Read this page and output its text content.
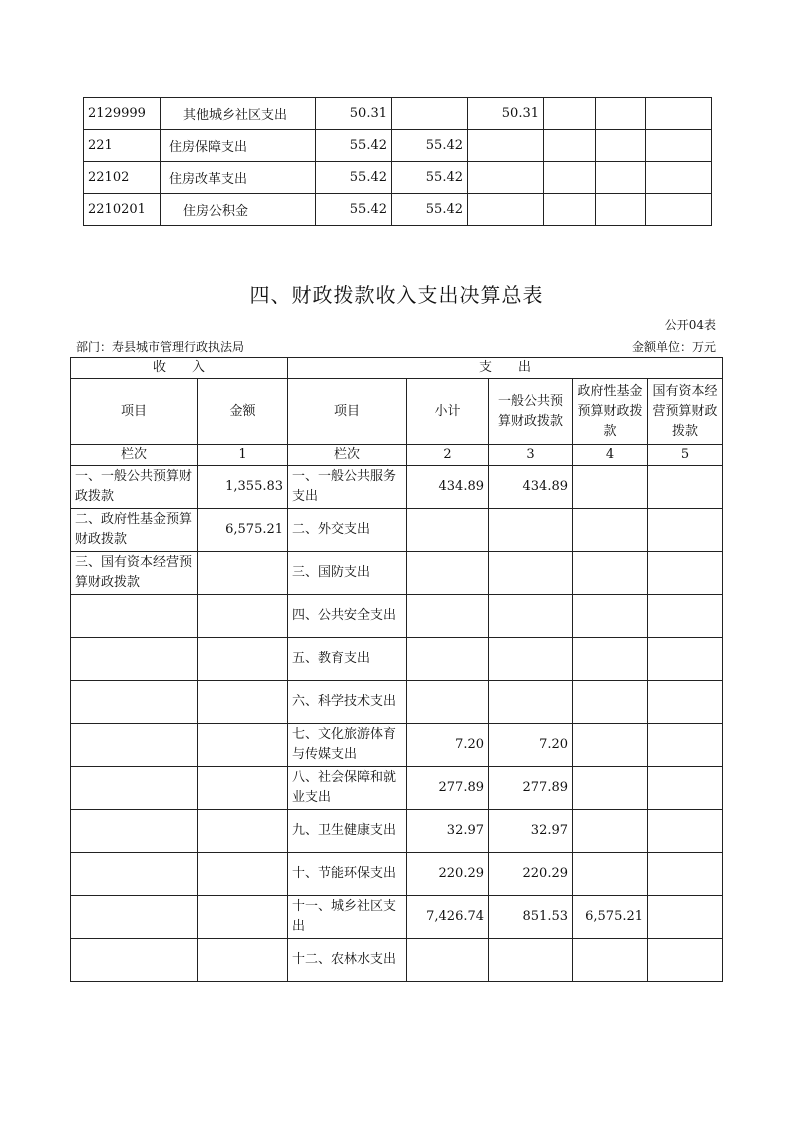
2129999	其他城乡社区支出	50.31		50.31			
221	住房保障支出	55.42	55.42				
22102	住房改革支出	55.42	55.42				
2210201	住房公积金	55.42	55.42				
四、财政拨款收入支出决算总表
公开04表
部门：寿县城市管理行政执法局	金额单位：万元
收　　入		支　　出				
项目	金额	项目	小计	一般公共预算财政拨款	政府性基金预算财政拨款	国有资本经营预算财政拨款
栏次	1	栏次	2	3	4	5
一、一般公共预算财政拨款	1,355.83	一、一般公共服务支出	434.89	434.89		
二、政府性基金预算财政拨款	6,575.21	二、外交支出				
三、国有资本经营预算财政拨款		三、国防支出				
		四、公共安全支出				
		五、教育支出				
		六、科学技术支出				
		七、文化旅游体育与传媒支出	7.20	7.20		
		八、社会保障和就业支出	277.89	277.89		
		九、卫生健康支出	32.97	32.97		
		十、节能环保支出	220.29	220.29		
		十一、城乡社区支出	7,426.74	851.53	6,575.21	
		十二、农林水支出				
